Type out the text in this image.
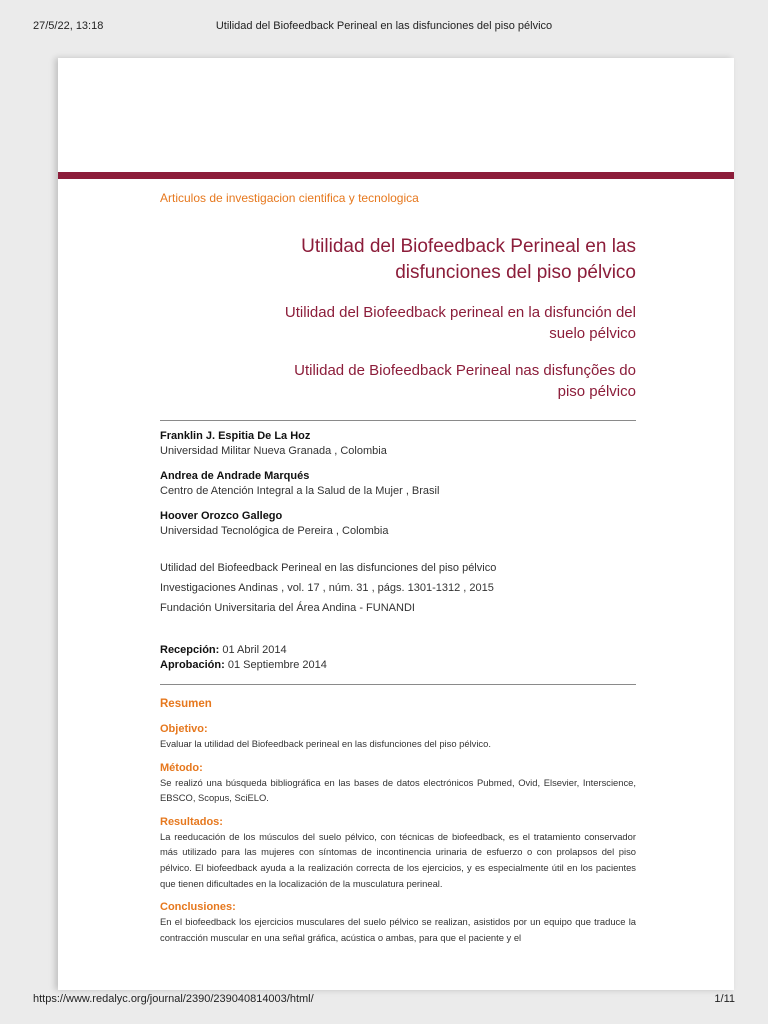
27/5/22, 13:18	Utilidad del Biofeedback Perineal en las disfunciones del piso pélvico
Articulos de investigacion cientifica y tecnologica
Utilidad del Biofeedback Perineal en las
disfunciones del piso pélvico
Utilidad del Biofeedback perineal en la disfunción del
suelo pélvico
Utilidad de Biofeedback Perineal nas disfunções do
piso pélvico
Franklin J. Espitia De La Hoz
Universidad Militar Nueva Granada , Colombia
Andrea de Andrade Marqués
Centro de Atención Integral a la Salud de la Mujer , Brasil
Hoover Orozco Gallego
Universidad Tecnológica de Pereira , Colombia
Utilidad del Biofeedback Perineal en las disfunciones del piso pélvico
Investigaciones Andinas , vol. 17 , núm. 31 , págs. 1301-1312 , 2015
Fundación Universitaria del Área Andina - FUNANDI
Recepción: 01 Abril 2014
Aprobación: 01 Septiembre 2014
Resumen
Objetivo:

Evaluar la utilidad del Biofeedback perineal en las disfunciones del piso pélvico.

Método:

Se realizó una búsqueda bibliográfica en las bases de datos electrónicos Pubmed, Ovid, Elsevier, Interscience, EBSCO, Scopus, SciELO.

Resultados:

La reeducación de los músculos del suelo pélvico, con técnicas de biofeedback, es el tratamiento conservador más utilizado para las mujeres con síntomas de incontinencia urinaria de esfuerzo o con prolapsos del piso pélvico. El biofeedback ayuda a la realización correcta de los ejercicios, y es especialmente útil en los pacientes que tienen dificultades en la localización de la musculatura perineal.

Conclusiones:

En el biofeedback los ejercicios musculares del suelo pélvico se realizan, asistidos por un equipo que traduce la contracción muscular en una señal gráfica, acústica o ambas, para que el paciente y el

https://www.redalyc.org/journal/2390/239040814003/html/	1/11
